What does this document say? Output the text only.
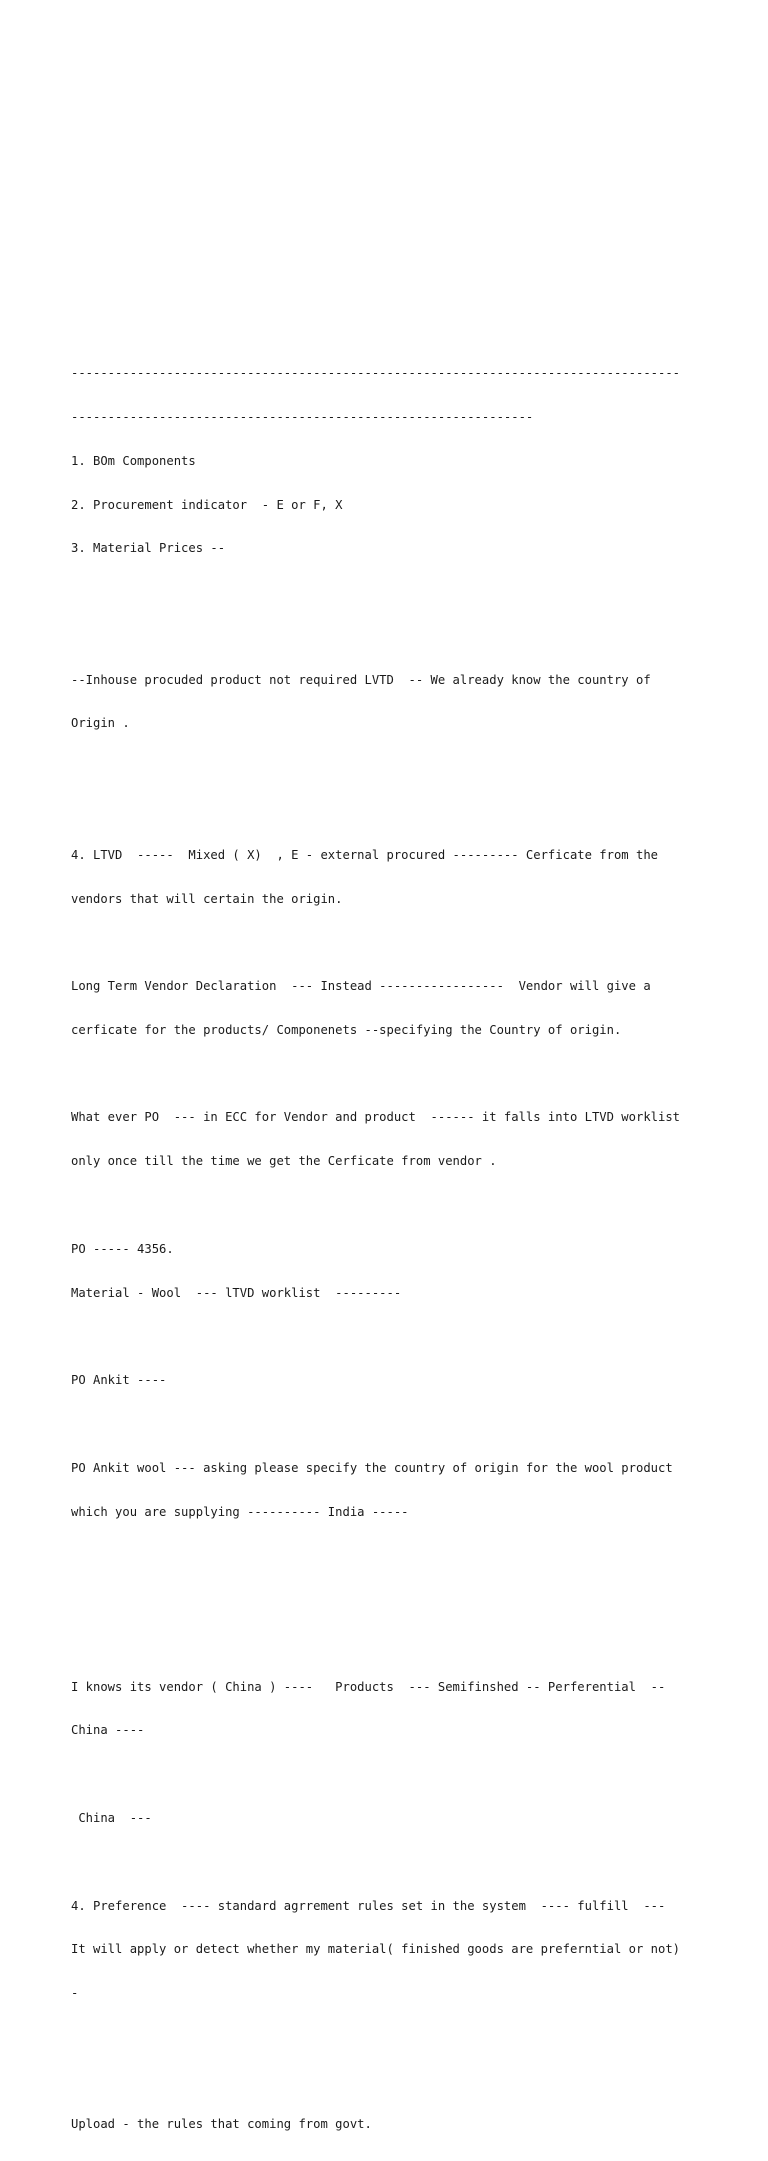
-----------------------------------------------------------------------------------

---------------------------------------------------------------

1. BOm Components

2. Procurement indicator  - E or F, X

3. Material Prices --

--Inhouse procuded product not required LVTD  -- We already know the country of

Origin .

4. LTVD  -----  Mixed ( X)  , E - external procured --------- Cerficate from the

vendors that will certain the origin.

Long Term Vendor Declaration  --- Instead -----------------  Vendor will give a

cerficate for the products/ Componenets --specifying the Country of origin.

What ever PO  --- in ECC for Vendor and product  ------ it falls into LTVD worklist

only once till the time we get the Cerficate from vendor .

PO ----- 4356.

Material - Wool  --- lTVD worklist  ---------

PO Ankit ----

PO Ankit wool --- asking please specify the country of origin for the wool product

which you are supplying ---------- India -----

I knows its vendor ( China ) ----   Products  --- Semifinshed -- Perferential  --

China ----

China  ---

4. Preference  ---- standard agrrement rules set in the system  ---- fulfill  ---

It will apply or detect whether my material( finished goods are preferntial or not)

-

Upload - the rules that coming from govt.
